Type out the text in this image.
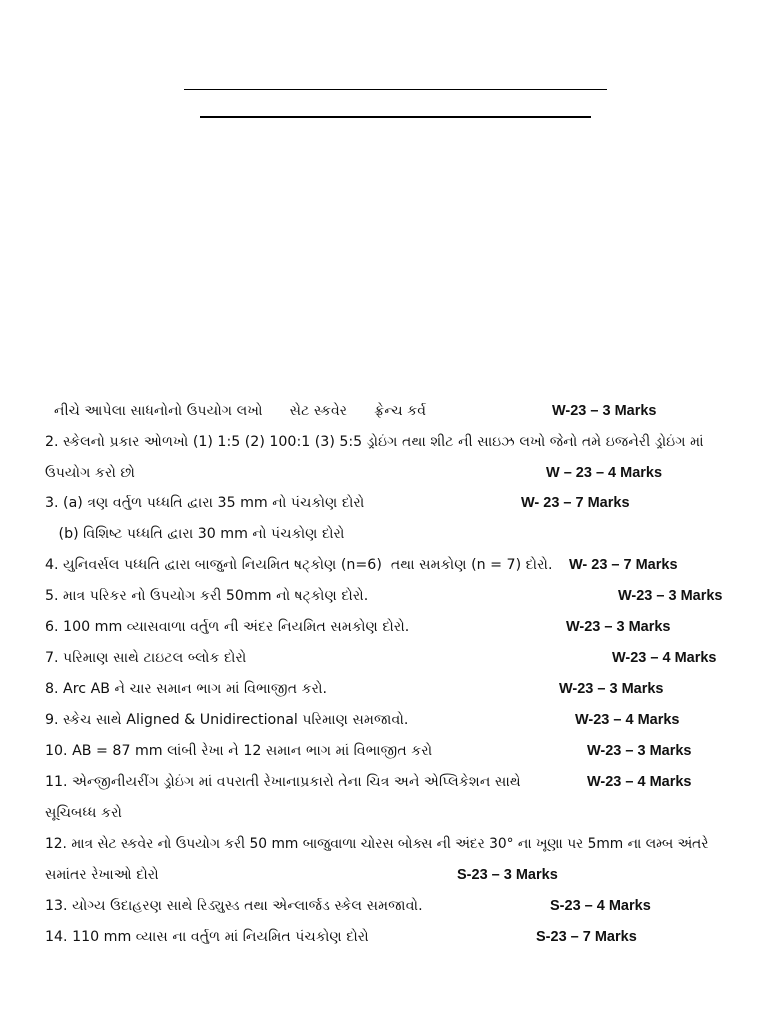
નીચે આપેલા સાધનોનો ઉપયોગ લખો      સેટ સ્કવેર      ફ્રેન્ચ કર્વ	W-23 – 3 Marks
2. સ્કેલનો પ્રકાર ઓળખો (1) 1:5 (2) 100:1 (3) 5:5 ડ્રોઇંગ તથા શીટ ની સાઇઝ લખો જેનો તમે ઇજનેરી ડ્રોઇંગ માં
ઉપયોગ કરો છો	W – 23 – 4 Marks
3. (a) ત્રણ વર્તુળ પધ્ધતિ દ્વારા 35 mm નો પંચકોણ દોરો	W- 23 – 7 Marks
(b) વિશિષ્ટ પધ્ધતિ દ્વારા 30 mm નો પંચકોણ દોરો
4. યુનિવર્સલ પધ્ધતિ દ્વારા બાજુનો નિયમિત ષટ્કોણ (n=6)  તથા સમકોણ (n = 7) દોરો. W- 23 – 7 Marks
5. માત્ર પરિકર નો ઉપયોગ કરી 50mm નો ષટ્કોણ દોરો.	W-23 – 3 Marks
6. 100 mm વ્યાસવાળા વર્તુળ ની અંદર નિયમિત સમકોણ દોરો.	W-23 – 3 Marks
7. પરિમાણ સાથે ટાઇટલ બ્લોક દોરો	W-23 – 4 Marks
8. Arc AB ને ચાર સમાન ભાગ માં વિભાજીત કરો.	W-23 – 3 Marks
9. સ્કેચ સાથે Aligned & Unidirectional પરિમાણ સમજાવો.	W-23 – 4 Marks
10. AB = 87 mm લાંબી રેખા ને 12 સમાન ભાગ માં વિભાજીત કરો	W-23 – 3 Marks
11. એન્જીનીયરીંગ ડ્રોઇંગ માં વપરાતી રેખાનાપ્રકારો તેના ચિત્ર અને એપ્લિકેશન સાથે	W-23 – 4 Marks
સૂચિબધ્ધ કરો
12. માત્ર સેટ સ્કવેર નો ઉપયોગ કરી 50 mm બાજુવાળા ચોરસ બોક્સ ની અંદર 30° ના ખૂણા પર 5mm ના લમ્બ અંતરે
સમાંતર રેખાઓ દોરો	S-23 – 3 Marks
13. યોગ્ય ઉદાહરણ સાથે રિડ્યુસ્ડ તથા એન્લાર્જડ સ્કેલ સમજાવો.	S-23 – 4 Marks
14. 110 mm વ્યાસ ના વર્તુળ માં નિયમિત પંચકોણ દોરો	S-23 – 7 Marks
